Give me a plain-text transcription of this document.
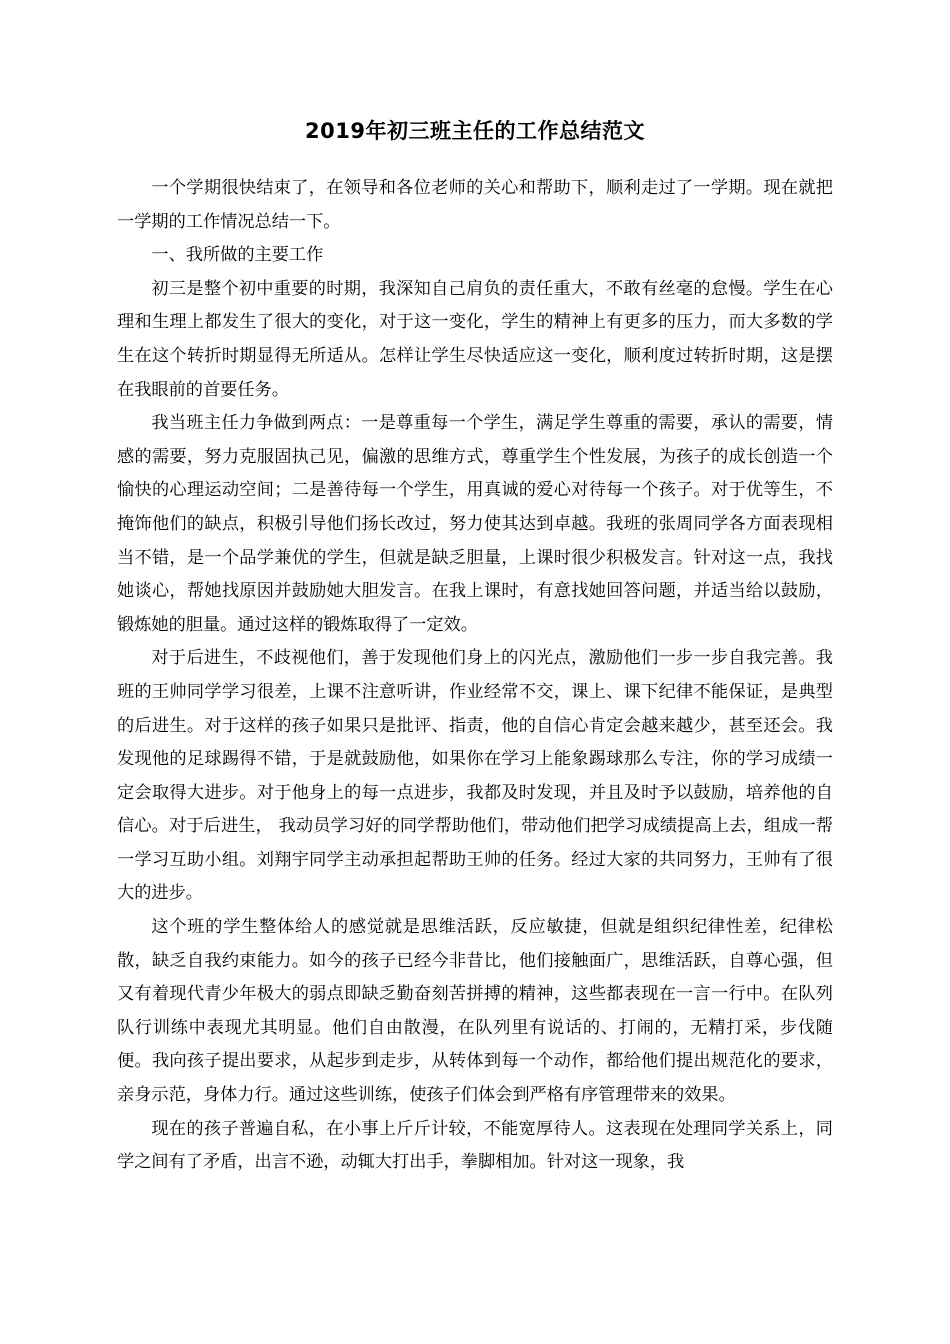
2019年初三班主任的工作总结范文

一个学期很快结束了，在领导和各位老师的关心和帮助下，顺利走过了一学期。现在就把一学期的工作情况总结一下。

一、我所做的主要工作

初三是整个初中重要的时期，我深知自己肩负的责任重大，不敢有丝毫的怠慢。学生在心理和生理上都发生了很大的变化，对于这一变化，学生的精神上有更多的压力，而大多数的学生在这个转折时期显得无所适从。怎样让学生尽快适应这一变化，顺利度过转折时期，这是摆在我眼前的首要任务。

我当班主任力争做到两点：一是尊重每一个学生，满足学生尊重的需要，承认的需要，情感的需要，努力克服固执己见，偏激的思维方式，尊重学生个性发展，为孩子的成长创造一个愉快的心理运动空间；二是善待每一个学生，用真诚的爱心对待每一个孩子。对于优等生，不掩饰他们的缺点，积极引导他们扬长改过，努力使其达到卓越。我班的张周同学各方面表现相当不错，是一个品学兼优的学生，但就是缺乏胆量，上课时很少积极发言。针对这一点，我找她谈心，帮她找原因并鼓励她大胆发言。在我上课时，有意找她回答问题，并适当给以鼓励，锻炼她的胆量。通过这样的锻炼取得了一定效。

对于后进生，不歧视他们，善于发现他们身上的闪光点，激励他们一步一步自我完善。我班的王帅同学学习很差，上课不注意听讲，作业经常不交，课上、课下纪律不能保证，是典型的后进生。对于这样的孩子如果只是批评、指责，他的自信心肯定会越来越少，甚至还会。我发现他的足球踢得不错，于是就鼓励他，如果你在学习上能象踢球那么专注，你的学习成绩一定会取得大进步。对于他身上的每一点进步，我都及时发现，并且及时予以鼓励，培养他的自信心。对于后进生， 我动员学习好的同学帮助他们，带动他们把学习成绩提高上去，组成一帮一学习互助小组。刘翔宇同学主动承担起帮助王帅的任务。经过大家的共同努力，王帅有了很大的进步。

这个班的学生整体给人的感觉就是思维活跃，反应敏捷，但就是组织纪律性差，纪律松散，缺乏自我约束能力。如今的孩子已经今非昔比，他们接触面广，思维活跃，自尊心强，但又有着现代青少年极大的弱点即缺乏勤奋刻苦拼搏的精神，这些都表现在一言一行中。在队列队行训练中表现尤其明显。他们自由散漫，在队列里有说话的、打闹的，无精打采，步伐随便。我向孩子提出要求，从起步到走步，从转体到每一个动作，都给他们提出规范化的要求，亲身示范，身体力行。通过这些训练，使孩子们体会到严格有序管理带来的效果。

现在的孩子普遍自私，在小事上斤斤计较，不能宽厚待人。这表现在处理同学关系上，同学之间有了矛盾，出言不逊，动辄大打出手，拳脚相加。针对这一现象，我
